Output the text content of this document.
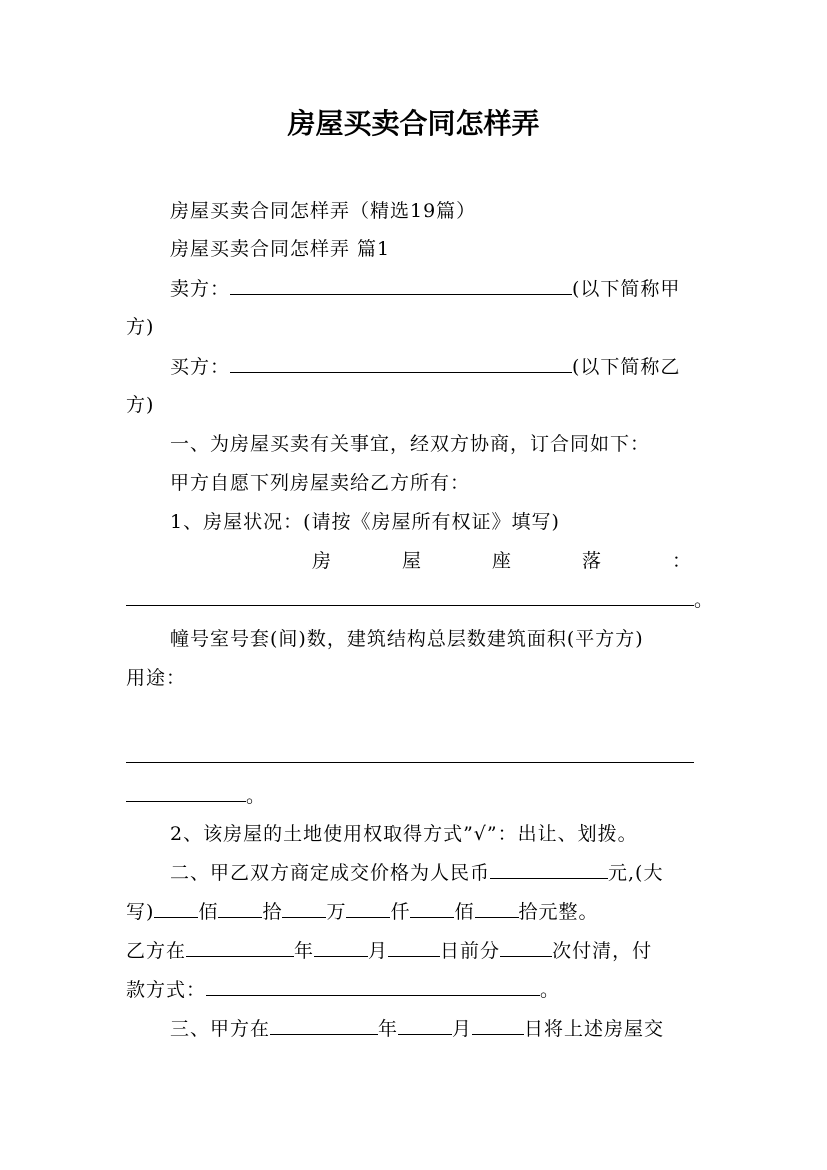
房屋买卖合同怎样弄
房屋买卖合同怎样弄（精选19篇）
房屋买卖合同怎样弄 篇1
卖方：	(以下简称甲
方)
买方：	(以下简称乙
方)
一、为房屋买卖有关事宜，经双方协商，订合同如下：
甲方自愿下列房屋卖给乙方所有：
1、房屋状况：(请按《房屋所有权证》填写)
房	屋	座	落	：
。
幢号室号套(间)数，建筑结构总层数建筑面积(平方方)
用途：
。
2、该房屋的土地使用权取得方式”√”：出让、划拨。
二、甲乙双方商定成交价格为人民币	元,(大
写) 佰 拾 万 仟 佰 拾元整。
乙方在	年	月	日前分	次付清，付
款方式：	。
三、甲方在	年	月	日将上述房屋交
